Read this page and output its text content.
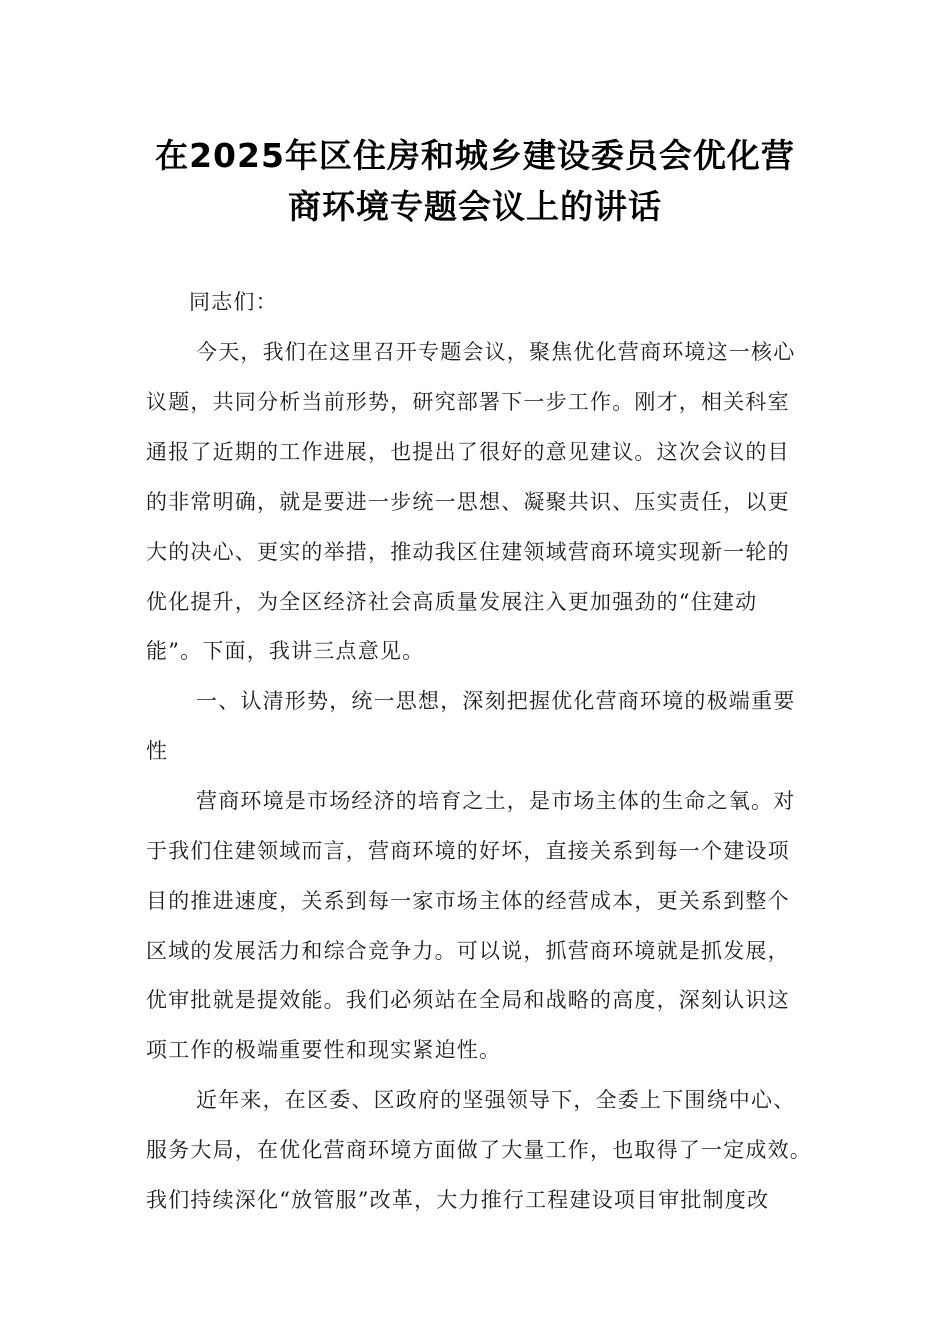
在2025年区住房和城乡建设委员会优化营
商环境专题会议上的讲话
同志们：
今天，我们在这里召开专题会议，聚焦优化营商环境这一核心
议题，共同分析当前形势，研究部署下一步工作。刚才，相关科室
通报了近期的工作进展，也提出了很好的意见建议。这次会议的目
的非常明确，就是要进一步统一思想、凝聚共识、压实责任，以更
大的决心、更实的举措，推动我区住建领域营商环境实现新一轮的
优化提升，为全区经济社会高质量发展注入更加强劲的“住建动
能”。下面，我讲三点意见。
一、认清形势，统一思想，深刻把握优化营商环境的极端重要
性
营商环境是市场经济的培育之土，是市场主体的生命之氧。对
于我们住建领域而言，营商环境的好坏，直接关系到每一个建设项
目的推进速度，关系到每一家市场主体的经营成本，更关系到整个
区域的发展活力和综合竞争力。可以说，抓营商环境就是抓发展，
优审批就是提效能。我们必须站在全局和战略的高度，深刻认识这
项工作的极端重要性和现实紧迫性。
近年来，在区委、区政府的坚强领导下，全委上下围绕中心、
服务大局，在优化营商环境方面做了大量工作，也取得了一定成效。
我们持续深化“放管服”改革，大力推行工程建设项目审批制度改
